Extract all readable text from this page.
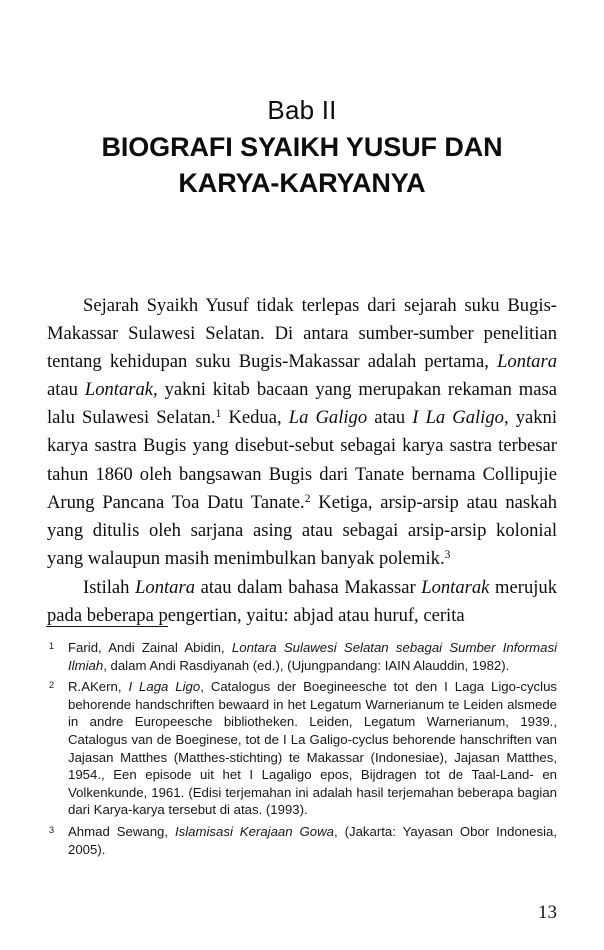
Bab II
BIOGRAFI SYAIKH YUSUF DAN
KARYA-KARYANYA

Sejarah Syaikh Yusuf tidak terlepas dari sejarah suku Bugis-Makassar Sulawesi Selatan. Di antara sumber-sumber penelitian tentang kehidupan suku Bugis-Makassar adalah pertama, Lontara atau Lontarak, yakni kitab bacaan yang merupakan rekaman masa lalu Sulawesi Selatan.$^1$ Kedua, La Galigo atau I La Galigo, yakni karya sastra Bugis yang disebut-sebut sebagai karya sastra terbesar tahun 1860 oleh bangsawan Bugis dari Tanate bernama Collipujie Arung Pancana Toa Datu Tanate.$^2$ Ketiga, arsip-arsip atau naskah yang ditulis oleh sarjana asing atau sebagai arsip-arsip kolonial yang walaupun masih menimbulkan banyak polemik.$^3$

Istilah Lontara atau dalam bahasa Makassar Lontarak merujuk pada beberapa pengertian, yaitu: abjad atau huruf, cerita

1	Farid, Andi Zainal Abidin, Lontara Sulawesi Selatan sebagai Sumber Informasi Ilmiah, dalam Andi Rasdiyanah (ed.), (Ujungpandang: IAIN Alauddin, 1982).
2	R.AKern, I Laga Ligo, Catalogus der Boegineesche tot den I Laga Ligo-cyclus behorende handschriften bewaard in het Legatum Warnerianum te Leiden alsmede in andre Europeesche bibliotheken. Leiden, Legatum Warnerianum, 1939., Catalogus van de Boeginese, tot de I La Galigo-cyclus behorende hanschriften van Jajasan Matthes (Matthes-stichting) te Makassar (Indonesiae), Jajasan Matthes, 1954., Een episode uit het I Lagaligo epos, Bijdragen tot de Taal-Land- en Volkenkunde, 1961. (Edisi terjemahan ini adalah hasil terjemahan beberapa bagian dari Karya-karya tersebut di atas. (1993).
3	Ahmad Sewang, Islamisasi Kerajaan Gowa, (Jakarta: Yayasan Obor Indonesia, 2005).
13
